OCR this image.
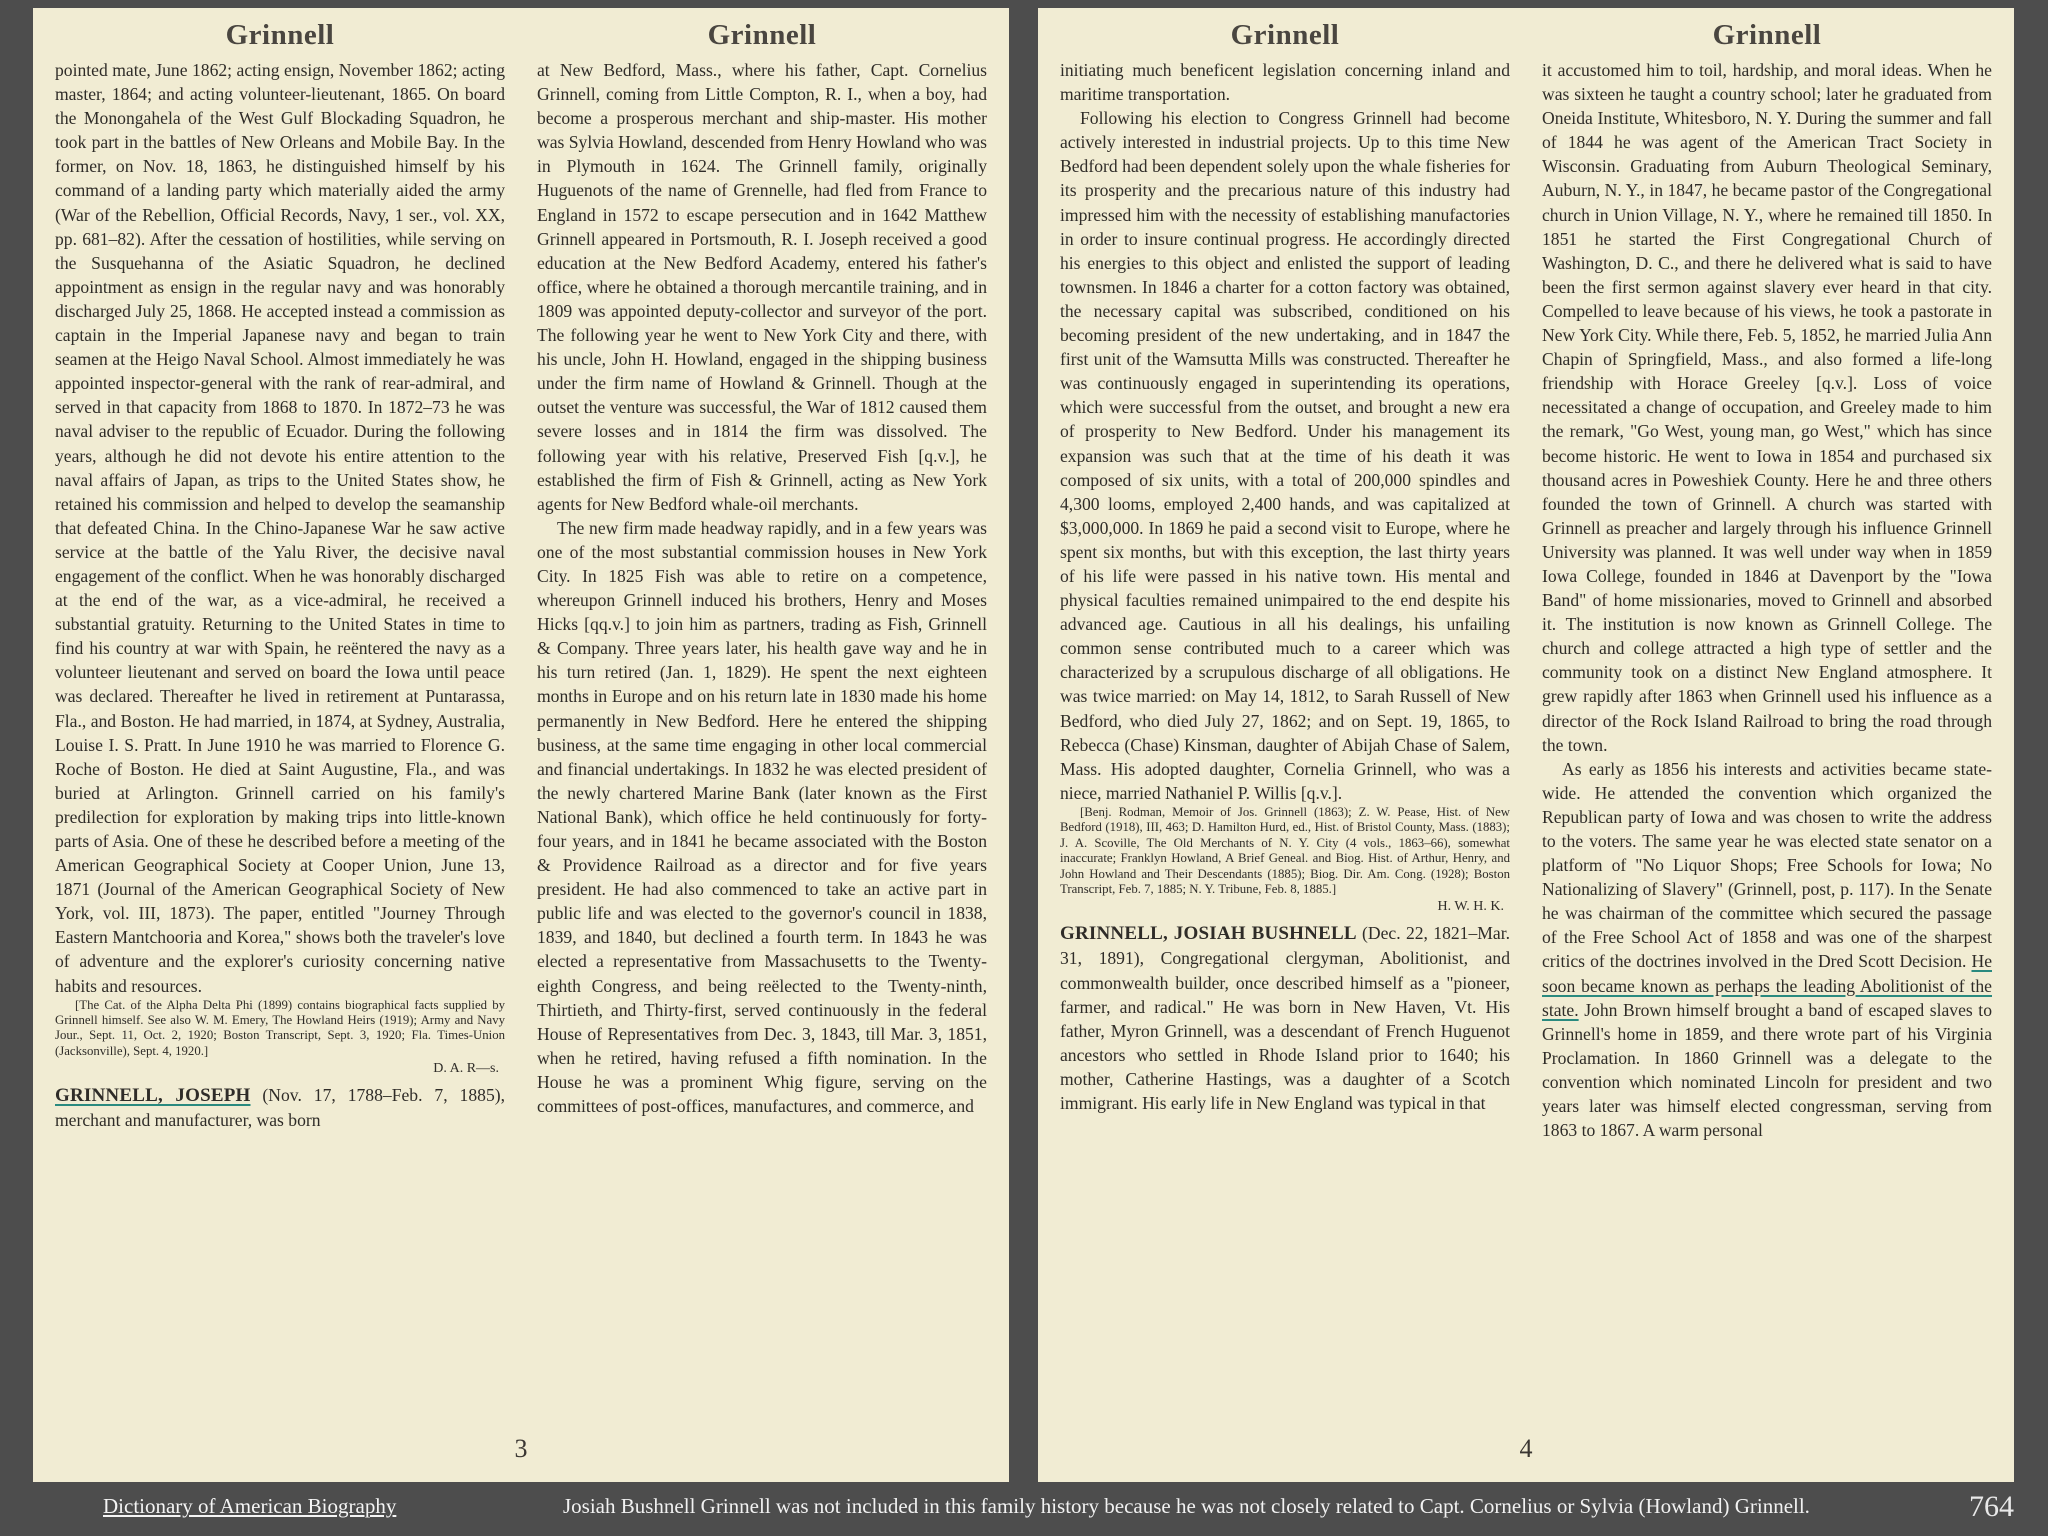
Grinnell

pointed mate, June 1862; acting ensign, November 1862; acting master, 1864; and acting volunteer-lieutenant, 1865. On board the Monongahela of the West Gulf Blockading Squadron, he took part in the battles of New Orleans and Mobile Bay. In the former, on Nov. 18, 1863, he distinguished himself by his command of a landing party which materially aided the army (War of the Rebellion, Official Records, Navy, 1 ser., vol. XX, pp. 681–82). After the cessation of hostilities, while serving on the Susquehanna of the Asiatic Squadron, he declined appointment as ensign in the regular navy and was honorably discharged July 25, 1868. He accepted instead a commission as captain in the Imperial Japanese navy and began to train seamen at the Heigo Naval School. Almost immediately he was appointed inspector-general with the rank of rear-admiral, and served in that capacity from 1868 to 1870. In 1872–73 he was naval adviser to the republic of Ecuador. During the following years, although he did not devote his entire attention to the naval affairs of Japan, as trips to the United States show, he retained his commission and helped to develop the seamanship that defeated China. In the Chino-Japanese War he saw active service at the battle of the Yalu River, the decisive naval engagement of the conflict. When he was honorably discharged at the end of the war, as a vice-admiral, he received a substantial gratuity. Returning to the United States in time to find his country at war with Spain, he reëntered the navy as a volunteer lieutenant and served on board the Iowa until peace was declared. Thereafter he lived in retirement at Puntarassa, Fla., and Boston. He had married, in 1874, at Sydney, Australia, Louise I. S. Pratt. In June 1910 he was married to Florence G. Roche of Boston. He died at Saint Augustine, Fla., and was buried at Arlington. Grinnell carried on his family's predilection for exploration by making trips into little-known parts of Asia. One of these he described before a meeting of the American Geographical Society at Cooper Union, June 13, 1871 (Journal of the American Geographical Society of New York, vol. III, 1873). The paper, entitled "Journey Through Eastern Mantchooria and Korea," shows both the traveler's love of adventure and the explorer's curiosity concerning native habits and resources.

[The Cat. of the Alpha Delta Phi (1899) contains biographical facts supplied by Grinnell himself. See also W. M. Emery, The Howland Heirs (1919); Army and Navy Jour., Sept. 11, Oct. 2, 1920; Boston Transcript, Sept. 3, 1920; Fla. Times-Union (Jacksonville), Sept. 4, 1920.]

D. A. R—s.

GRINNELL, JOSEPH (Nov. 17, 1788–Feb. 7, 1885), merchant and manufacturer, was born

Grinnell

at New Bedford, Mass., where his father, Capt. Cornelius Grinnell, coming from Little Compton, R. I., when a boy, had become a prosperous merchant and ship-master. His mother was Sylvia Howland, descended from Henry Howland who was in Plymouth in 1624. The Grinnell family, originally Huguenots of the name of Grennelle, had fled from France to England in 1572 to escape persecution and in 1642 Matthew Grinnell appeared in Portsmouth, R. I. Joseph received a good education at the New Bedford Academy, entered his father's office, where he obtained a thorough mercantile training, and in 1809 was appointed deputy-collector and surveyor of the port. The following year he went to New York City and there, with his uncle, John H. Howland, engaged in the shipping business under the firm name of Howland & Grinnell. Though at the outset the venture was successful, the War of 1812 caused them severe losses and in 1814 the firm was dissolved. The following year with his relative, Preserved Fish [q.v.], he established the firm of Fish & Grinnell, acting as New York agents for New Bedford whale-oil merchants.

The new firm made headway rapidly, and in a few years was one of the most substantial commission houses in New York City. In 1825 Fish was able to retire on a competence, whereupon Grinnell induced his brothers, Henry and Moses Hicks [qq.v.] to join him as partners, trading as Fish, Grinnell & Company. Three years later, his health gave way and he in his turn retired (Jan. 1, 1829). He spent the next eighteen months in Europe and on his return late in 1830 made his home permanently in New Bedford. Here he entered the shipping business, at the same time engaging in other local commercial and financial undertakings. In 1832 he was elected president of the newly chartered Marine Bank (later known as the First National Bank), which office he held continuously for forty-four years, and in 1841 he became associated with the Boston & Providence Railroad as a director and for five years president. He had also commenced to take an active part in public life and was elected to the governor's council in 1838, 1839, and 1840, but declined a fourth term. In 1843 he was elected a representative from Massachusetts to the Twenty-eighth Congress, and being reëlected to the Twenty-ninth, Thirtieth, and Thirty-first, served continuously in the federal House of Representatives from Dec. 3, 1843, till Mar. 3, 1851, when he retired, having refused a fifth nomination. In the House he was a prominent Whig figure, serving on the committees of post-offices, manufactures, and commerce, and

3
Grinnell

initiating much beneficent legislation concerning inland and maritime transportation.

Following his election to Congress Grinnell had become actively interested in industrial projects. Up to this time New Bedford had been dependent solely upon the whale fisheries for its prosperity and the precarious nature of this industry had impressed him with the necessity of establishing manufactories in order to insure continual progress. He accordingly directed his energies to this object and enlisted the support of leading townsmen. In 1846 a charter for a cotton factory was obtained, the necessary capital was subscribed, conditioned on his becoming president of the new undertaking, and in 1847 the first unit of the Wamsutta Mills was constructed. Thereafter he was continuously engaged in superintending its operations, which were successful from the outset, and brought a new era of prosperity to New Bedford. Under his management its expansion was such that at the time of his death it was composed of six units, with a total of 200,000 spindles and 4,300 looms, employed 2,400 hands, and was capitalized at $3,000,000. In 1869 he paid a second visit to Europe, where he spent six months, but with this exception, the last thirty years of his life were passed in his native town. His mental and physical faculties remained unimpaired to the end despite his advanced age. Cautious in all his dealings, his unfailing common sense contributed much to a career which was characterized by a scrupulous discharge of all obligations. He was twice married: on May 14, 1812, to Sarah Russell of New Bedford, who died July 27, 1862; and on Sept. 19, 1865, to Rebecca (Chase) Kinsman, daughter of Abijah Chase of Salem, Mass. His adopted daughter, Cornelia Grinnell, who was a niece, married Nathaniel P. Willis [q.v.].

[Benj. Rodman, Memoir of Jos. Grinnell (1863); Z. W. Pease, Hist. of New Bedford (1918), III, 463; D. Hamilton Hurd, ed., Hist. of Bristol County, Mass. (1883); J. A. Scoville, The Old Merchants of N. Y. City (4 vols., 1863–66), somewhat inaccurate; Franklyn Howland, A Brief Geneal. and Biog. Hist. of Arthur, Henry, and John Howland and Their Descendants (1885); Biog. Dir. Am. Cong. (1928); Boston Transcript, Feb. 7, 1885; N. Y. Tribune, Feb. 8, 1885.]

H. W. H. K.

GRINNELL, JOSIAH BUSHNELL (Dec. 22, 1821–Mar. 31, 1891), Congregational clergyman, Abolitionist, and commonwealth builder, once described himself as a "pioneer, farmer, and radical." He was born in New Haven, Vt. His father, Myron Grinnell, was a descendant of French Huguenot ancestors who settled in Rhode Island prior to 1640; his mother, Catherine Hastings, was a daughter of a Scotch immigrant. His early life in New England was typical in that

Grinnell

it accustomed him to toil, hardship, and moral ideas. When he was sixteen he taught a country school; later he graduated from Oneida Institute, Whitesboro, N. Y. During the summer and fall of 1844 he was agent of the American Tract Society in Wisconsin. Graduating from Auburn Theological Seminary, Auburn, N. Y., in 1847, he became pastor of the Congregational church in Union Village, N. Y., where he remained till 1850. In 1851 he started the First Congregational Church of Washington, D. C., and there he delivered what is said to have been the first sermon against slavery ever heard in that city. Compelled to leave because of his views, he took a pastorate in New York City. While there, Feb. 5, 1852, he married Julia Ann Chapin of Springfield, Mass., and also formed a life-long friendship with Horace Greeley [q.v.]. Loss of voice necessitated a change of occupation, and Greeley made to him the remark, "Go West, young man, go West," which has since become historic. He went to Iowa in 1854 and purchased six thousand acres in Poweshiek County. Here he and three others founded the town of Grinnell. A church was started with Grinnell as preacher and largely through his influence Grinnell University was planned. It was well under way when in 1859 Iowa College, founded in 1846 at Davenport by the "Iowa Band" of home missionaries, moved to Grinnell and absorbed it. The institution is now known as Grinnell College. The church and college attracted a high type of settler and the community took on a distinct New England atmosphere. It grew rapidly after 1863 when Grinnell used his influence as a director of the Rock Island Railroad to bring the road through the town.

As early as 1856 his interests and activities became state-wide. He attended the convention which organized the Republican party of Iowa and was chosen to write the address to the voters. The same year he was elected state senator on a platform of "No Liquor Shops; Free Schools for Iowa; No Nationalizing of Slavery" (Grinnell, post, p. 117). In the Senate he was chairman of the committee which secured the passage of the Free School Act of 1858 and was one of the sharpest critics of the doctrines involved in the Dred Scott Decision. He soon became known as perhaps the leading Abolitionist of the state. John Brown himself brought a band of escaped slaves to Grinnell's home in 1859, and there wrote part of his Virginia Proclamation. In 1860 Grinnell was a delegate to the convention which nominated Lincoln for president and two years later was himself elected congressman, serving from 1863 to 1867. A warm personal

4
Dictionary of American Biography	Josiah Bushnell Grinnell was not included in this family history because he was not closely related to Capt. Cornelius or Sylvia (Howland) Grinnell.	764
